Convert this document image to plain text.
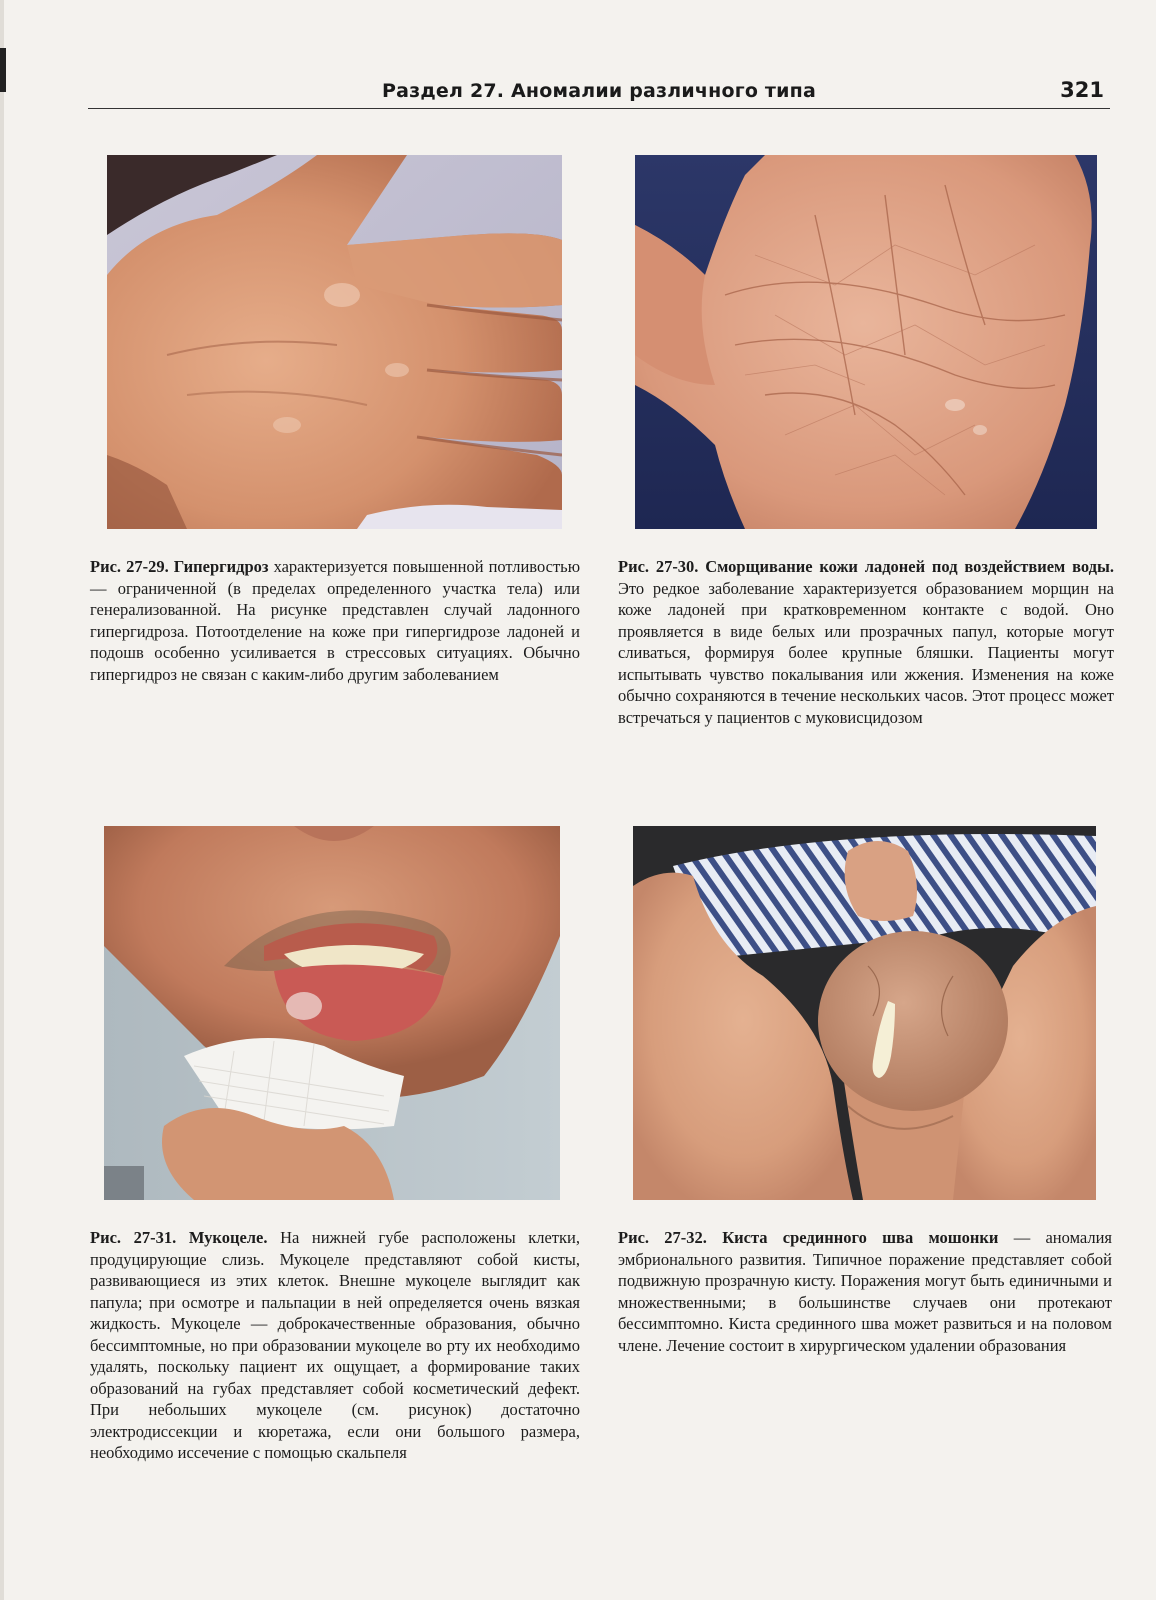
Раздел 27. Аномалии различного типа	321
Рис. 27-29. Гипергидроз характеризуется повышенной потливостью — ограниченной (в пределах определенного участка тела) или генерализованной. На рисунке представлен случай ладонного гипергидроза. Потоотделение на коже при гипергидрозе ладоней и подошв особенно усиливается в стрессовых ситуациях. Обычно гипергидроз не связан с каким-либо другим заболеванием
Рис. 27-30. Сморщивание кожи ладоней под воздействием воды. Это редкое заболевание характеризуется образованием морщин на коже ладоней при кратковременном контакте с водой. Оно проявляется в виде белых или прозрачных папул, которые могут сливаться, формируя более крупные бляшки. Пациенты могут испытывать чувство покалывания или жжения. Изменения на коже обычно сохраняются в течение нескольких часов. Этот процесс может встречаться у пациентов с муковисцидозом
Рис. 27-31. Мукоцеле. На нижней губе расположены клетки, продуцирующие слизь. Мукоцеле представляют собой кисты, развивающиеся из этих клеток. Внешне мукоцеле выглядит как папула; при осмотре и пальпации в ней определяется очень вязкая жидкость. Мукоцеле — доброкачественные образования, обычно бессимптомные, но при образовании мукоцеле во рту их необходимо удалять, поскольку пациент их ощущает, а формирование таких образований на губах представляет собой косметический дефект. При небольших мукоцеле (см. рисунок) достаточно электродиссекции и кюретажа, если они большого размера, необходимо иссечение с помощью скальпеля
Рис. 27-32. Киста срединного шва мошонки — аномалия эмбрионального развития. Типичное поражение представляет собой подвижную прозрачную кисту. Поражения могут быть единичными и множественными; в большинстве случаев они протекают бессимптомно. Киста срединного шва может развиться и на половом члене. Лечение состоит в хирургическом удалении образования
